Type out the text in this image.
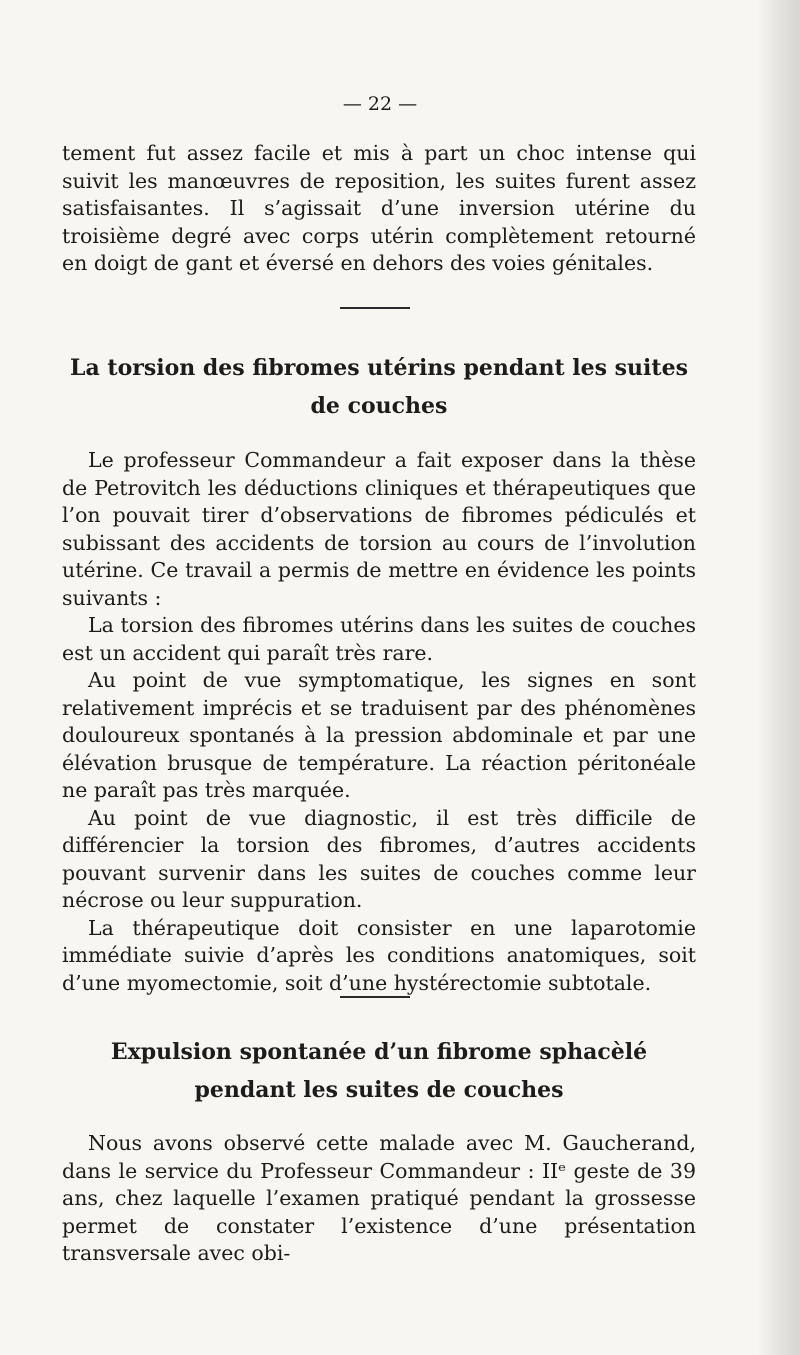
— 22 —

tement fut assez facile et mis à part un choc intense qui suivit les manœuvres de reposition, les suites furent assez satisfaisantes. Il s’agissait d’une inversion utérine du troisième degré avec corps utérin complètement retourné en doigt de gant et éversé en dehors des voies génitales.

La torsion des fibromes utérins pendant les suites
de couches

Le professeur Commandeur a fait exposer dans la thèse de Petrovitch les déductions cliniques et thérapeutiques que l’on pouvait tirer d’observations de fibromes pédiculés et subissant des accidents de torsion au cours de l’involution utérine. Ce travail a permis de mettre en évidence les points suivants :

La torsion des fibromes utérins dans les suites de couches est un accident qui paraît très rare.

Au point de vue symptomatique, les signes en sont relativement imprécis et se traduisent par des phénomènes douloureux spontanés à la pression abdominale et par une élévation brusque de température. La réaction péritonéale ne paraît pas très marquée.

Au point de vue diagnostic, il est très difficile de différencier la torsion des fibromes, d’autres accidents pouvant survenir dans les suites de couches comme leur nécrose ou leur suppuration.

La thérapeutique doit consister en une laparotomie immédiate suivie d’après les conditions anatomiques, soit d’une myomectomie, soit d’une hystérectomie subtotale.

Expulsion spontanée d’un fibrome sphacèlé
pendant les suites de couches

Nous avons observé cette malade avec M. Gaucherand, dans le service du Professeur Commandeur : IIᵉ geste de 39 ans, chez laquelle l’examen pratiqué pendant la grossesse permet de constater l’existence d’une présentation transversale avec obi-
